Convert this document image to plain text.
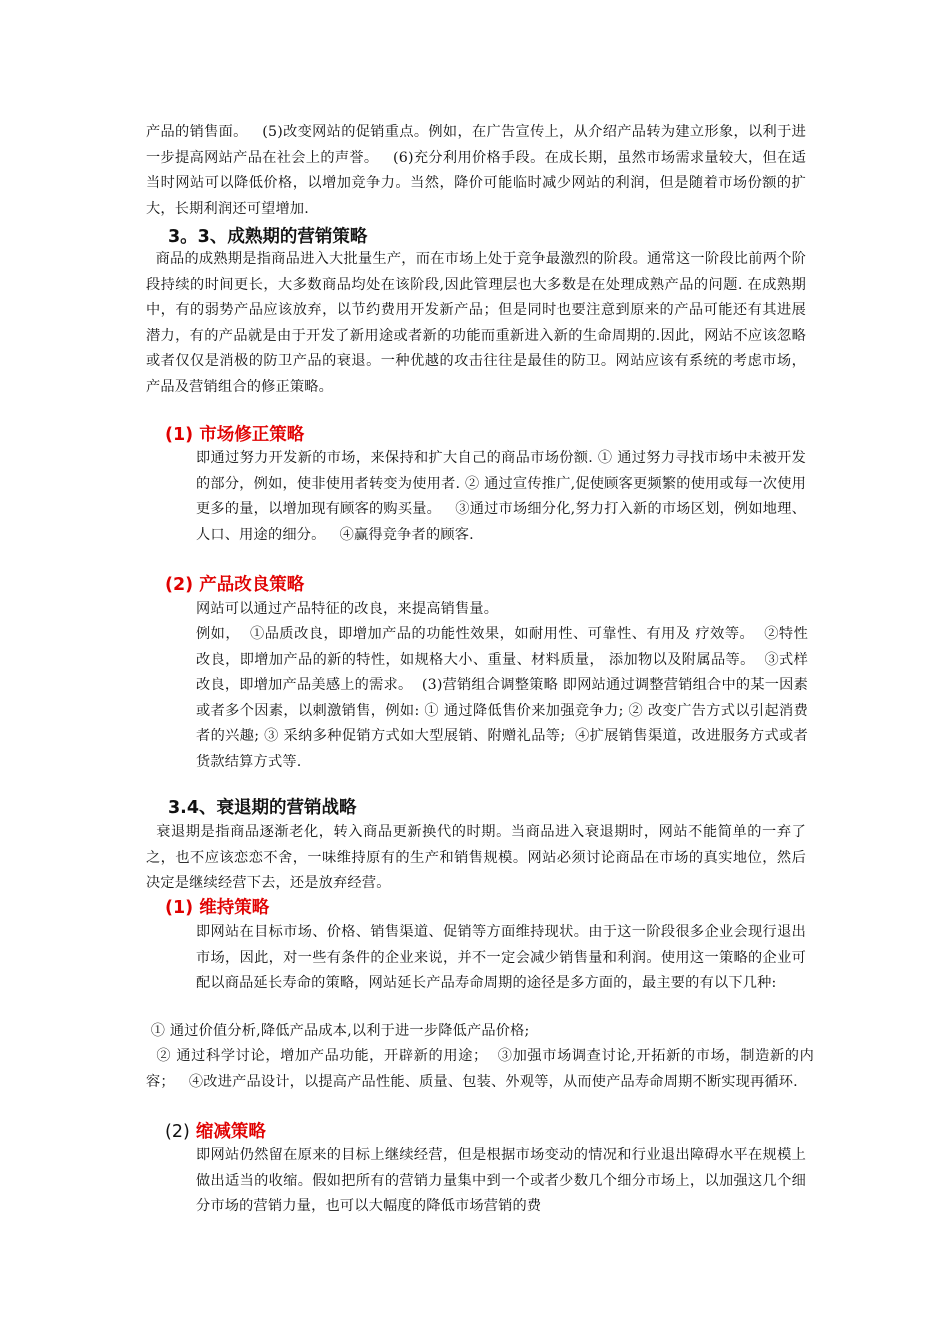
产品的销售面。   (5)改变网站的促销重点。例如，在广告宣传上，从介绍产品转为建立形象，以利于进一步提高网站产品在社会上的声誉。   (6)充分利用价格手段。在成长期，虽然市场需求量较大，但在适当时网站可以降低价格，以增加竞争力。当然，降价可能临时减少网站的利润，但是随着市场份额的扩大，长期利润还可望增加.

3。3、成熟期的营销策略

商品的成熟期是指商品进入大批量生产，而在市场上处于竞争最激烈的阶段。通常这一阶段比前两个阶段持续的时间更长，大多数商品均处在该阶段,因此管理层也大多数是在处理成熟产品的问题. 在成熟期中，有的弱势产品应该放弃，以节约费用开发新产品；但是同时也要注意到原来的产品可能还有其进展潜力，有的产品就是由于开发了新用途或者新的功能而重新进入新的生命周期的.因此，网站不应该忽略或者仅仅是消极的防卫产品的衰退。一种优越的攻击往往是最佳的防卫。网站应该有系统的考虑市场，产品及营销组合的修正策略。

(1) 市场修正策略

即通过努力开发新的市场，来保持和扩大自己的商品市场份额. ① 通过努力寻找市场中未被开发的部分，例如，使非使用者转变为使用者. ② 通过宣传推广,促使顾客更频繁的使用或每一次使用更多的量，以增加现有顾客的购买量。   ③通过市场细分化,努力打入新的市场区划，例如地理、人口、用途的细分。   ④赢得竞争者的顾客.

(2) 产品改良策略

网站可以通过产品特征的改良，来提高销售量。

例如，  ①品质改良，即增加产品的功能性效果，如耐用性、可靠性、有用及 疗效等。  ②特性改良，即增加产品的新的特性，如规格大小、重量、材料质量， 添加物以及附属品等。  ③式样改良，即增加产品美感上的需求。  (3)营销组合调整策略 即网站通过调整营销组合中的某一因素或者多个因素，以刺激销售，例如: ① 通过降低售价来加强竞争力; ② 改变广告方式以引起消费者的兴趣; ③ 采纳多种促销方式如大型展销、附赠礼品等;  ④扩展销售渠道，改进服务方式或者货款结算方式等.

3.4、衰退期的营销战略

衰退期是指商品逐渐老化，转入商品更新换代的时期。当商品进入衰退期时，网站不能简单的一弃了之，也不应该恋恋不舍，一味维持原有的生产和销售规模。网站必须讨论商品在市场的真实地位，然后决定是继续经营下去，还是放弃经营。

(1) 维持策略

即网站在目标市场、价格、销售渠道、促销等方面维持现状。由于这一阶段很多企业会现行退出市场，因此，对一些有条件的企业来说，并不一定会减少销售量和利润。使用这一策略的企业可配以商品延长寿命的策略，网站延长产品寿命周期的途径是多方面的，最主要的有以下几种:

① 通过价值分析,降低产品成本,以利于进一步降低产品价格;

② 通过科学讨论，增加产品功能，开辟新的用途；  ③加强市场调查讨论,开拓新的市场，制造新的内容；   ④改进产品设计，以提高产品性能、质量、包装、外观等，从而使产品寿命周期不断实现再循环.

(2) 缩减策略

即网站仍然留在原来的目标上继续经营，但是根据市场变动的情况和行业退出障碍水平在规模上做出适当的收缩。假如把所有的营销力量集中到一个或者少数几个细分市场上，以加强这几个细分市场的营销力量，也可以大幅度的降低市场营销的费
